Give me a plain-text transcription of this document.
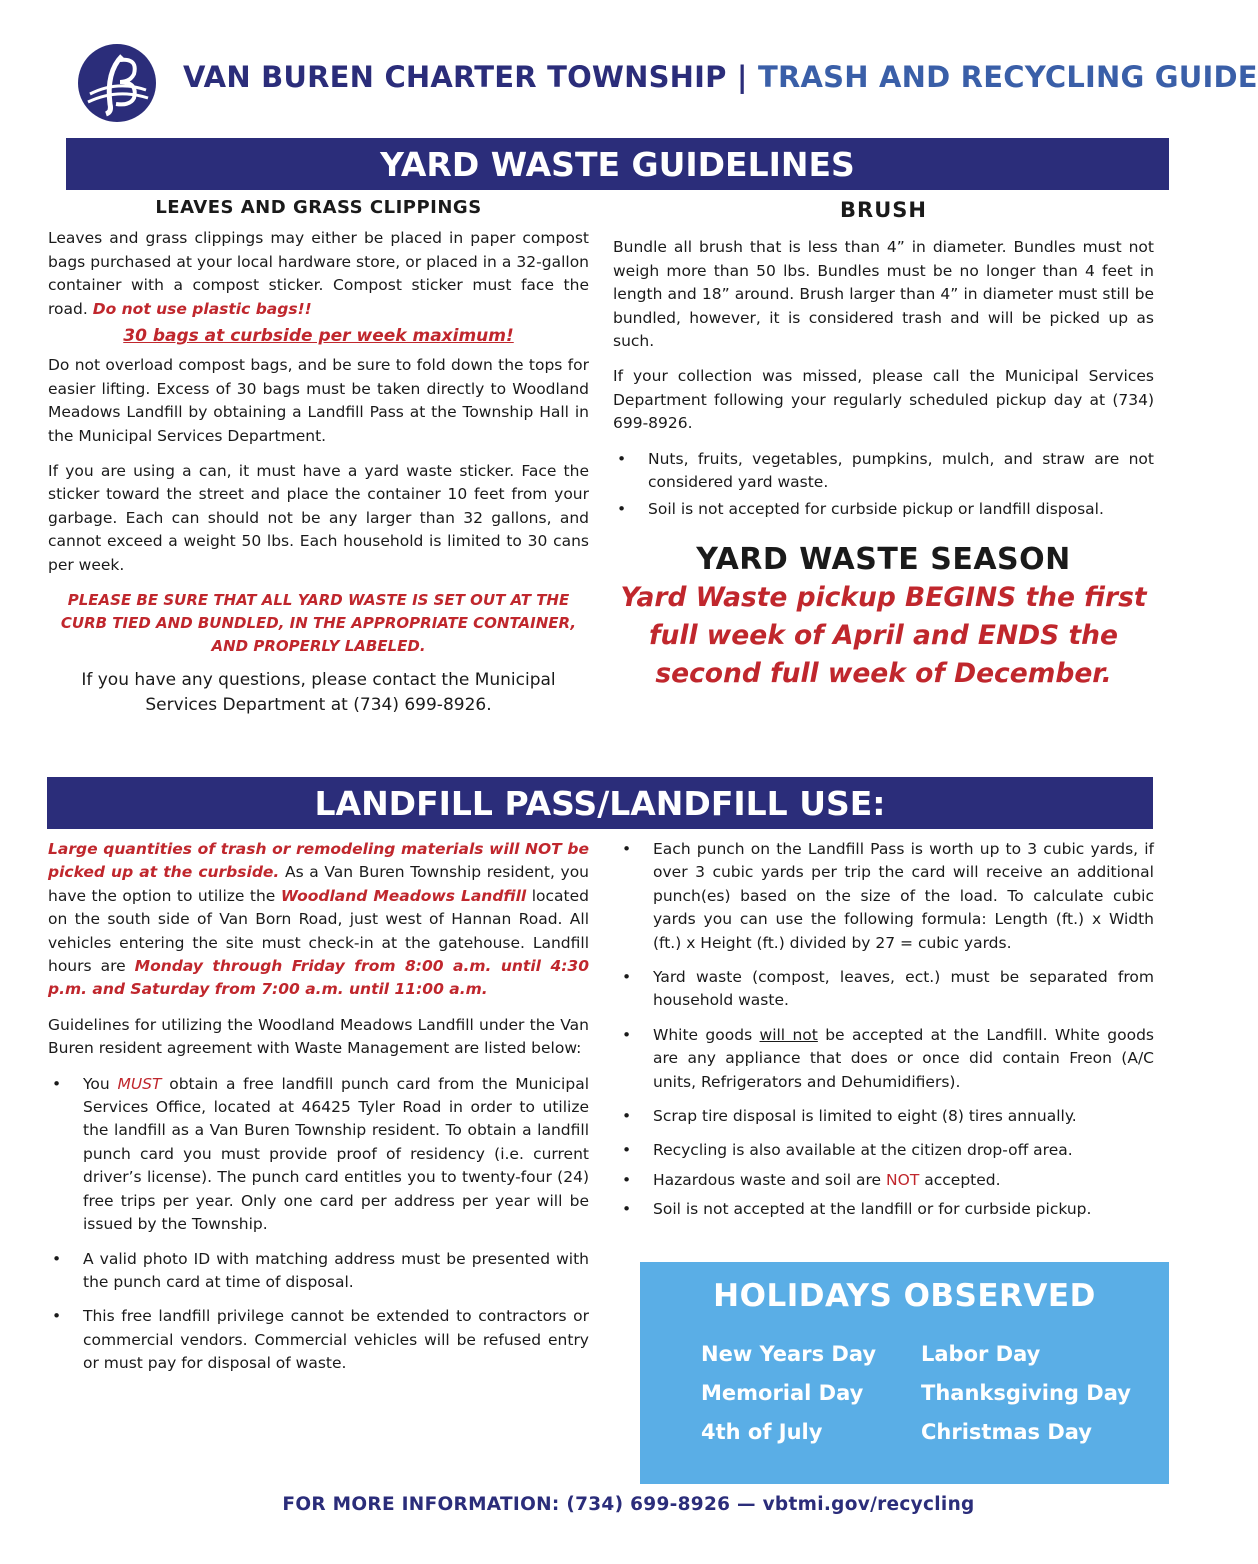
VAN BUREN CHARTER TOWNSHIP | TRASH AND RECYCLING GUIDE
YARD WASTE GUIDELINES
LEAVES AND GRASS CLIPPINGS

Leaves and grass clippings may either be placed in paper compost bags purchased at your local hardware store, or placed in a 32-gallon container with a compost sticker. Compost sticker must face the road. Do not use plastic bags!!

30 bags at curbside per week maximum!

Do not overload compost bags, and be sure to fold down the tops for easier lifting. Excess of 30 bags must be taken directly to Woodland Meadows Landfill by obtaining a Landfill Pass at the Township Hall in the Municipal Services Department.

If you are using a can, it must have a yard waste sticker. Face the sticker toward the street and place the container 10 feet from your garbage. Each can should not be any larger than 32 gallons, and cannot exceed a weight 50 lbs. Each household is limited to 30 cans per week.

PLEASE BE SURE THAT ALL YARD WASTE IS SET OUT AT THE CURB TIED AND BUNDLED, IN THE APPROPRIATE CONTAINER, AND PROPERLY LABELED.

If you have any questions, please contact the Municipal Services Department at (734) 699-8926.

BRUSH

Bundle all brush that is less than 4” in diameter. Bundles must not weigh more than 50 lbs. Bundles must be no longer than 4 feet in length and 18” around. Brush larger than 4” in diameter must still be bundled, however, it is considered trash and will be picked up as such.

If your collection was missed, please call the Municipal Services Department following your regularly scheduled pickup day at (734) 699-8926.

• Nuts, fruits, vegetables, pumpkins, mulch, and straw are not considered yard waste.
• Soil is not accepted for curbside pickup or landfill disposal.
YARD WASTE SEASON
Yard Waste pickup BEGINS the first full week of April and ENDS the second full week of December.
LANDFILL PASS/LANDFILL USE:

Large quantities of trash or remodeling materials will NOT be picked up at the curbside. As a Van Buren Township resident, you have the option to utilize the Woodland Meadows Landfill located on the south side of Van Born Road, just west of Hannan Road. All vehicles entering the site must check-in at the gatehouse. Landfill hours are Monday through Friday from 8:00 a.m. until 4:30 p.m. and Saturday from 7:00 a.m. until 11:00 a.m.

Guidelines for utilizing the Woodland Meadows Landfill under the Van Buren resident agreement with Waste Management are listed below:

• You MUST obtain a free landfill punch card from the Municipal Services Office, located at 46425 Tyler Road in order to utilize the landfill as a Van Buren Township resident. To obtain a landfill punch card you must provide proof of residency (i.e. current driver’s license). The punch card entitles you to twenty-four (24) free trips per year. Only one card per address per year will be issued by the Township.
• A valid photo ID with matching address must be presented with the punch card at time of disposal.
• This free landfill privilege cannot be extended to contractors or commercial vendors. Commercial vehicles will be refused entry or must pay for disposal of waste.
• Each punch on the Landfill Pass is worth up to 3 cubic yards, if over 3 cubic yards per trip the card will receive an additional punch(es) based on the size of the load. To calculate cubic yards you can use the following formula: Length (ft.) x Width (ft.) x Height (ft.) divided by 27 = cubic yards.
• Yard waste (compost, leaves, ect.) must be separated from household waste.
• White goods will not be accepted at the Landfill. White goods are any appliance that does or once did contain Freon (A/C units, Refrigerators and Dehumidifiers).
• Scrap tire disposal is limited to eight (8) tires annually.
• Recycling is also available at the citizen drop-off area.
• Hazardous waste and soil are NOT accepted.
• Soil is not accepted at the landfill or for curbside pickup.
HOLIDAYS OBSERVED
New Years Day Labor Day
Memorial Day	Thanksgiving Day
4th of July	Christmas Day
FOR MORE INFORMATION: (734) 699-8926 — vbtmi.gov/recycling
